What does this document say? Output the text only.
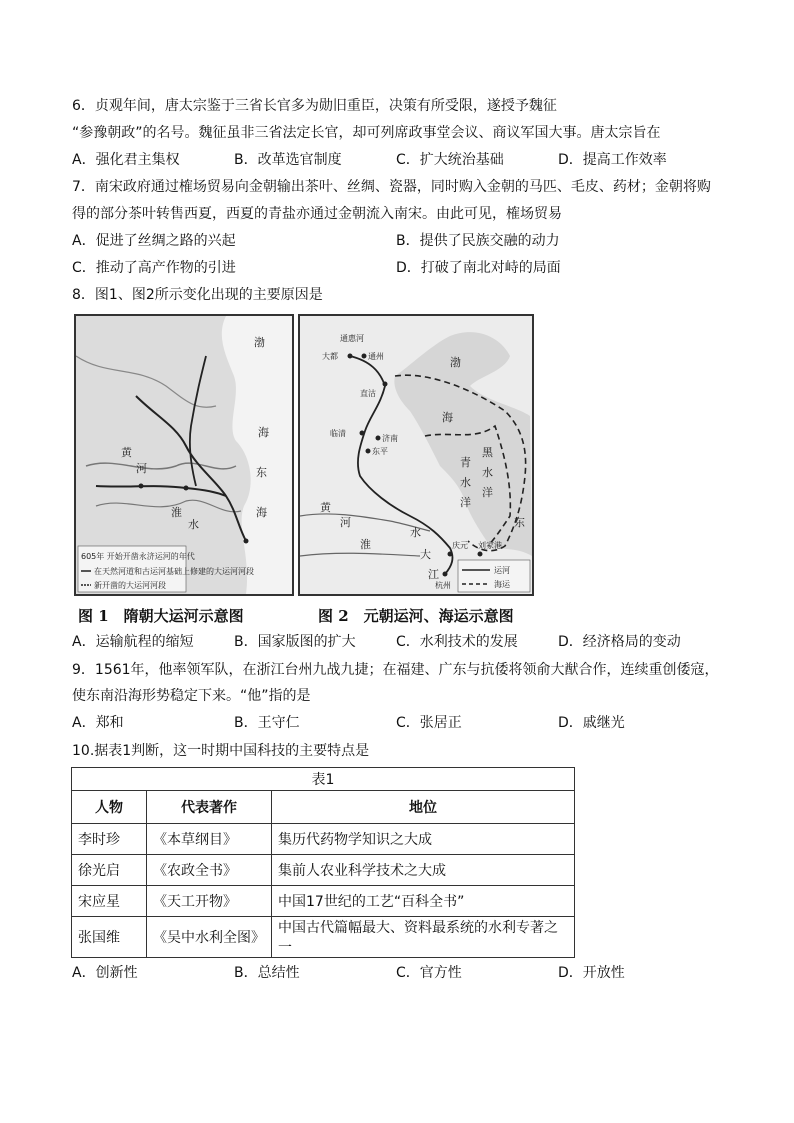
6．贞观年间，唐太宗鉴于三省长官多为勋旧重臣，决策有所受限，遂授予魏征
“参豫朝政”的名号。魏征虽非三省法定长官，却可列席政事堂会议、商议军国大事。唐太宗旨在
A．强化君主集权	B．改革选官制度	C．扩大统治基础	D．提高工作效率
7．南宋政府通过榷场贸易向金朝输出茶叶、丝绸、瓷器，同时购入金朝的马匹、毛皮、药材；金朝将购
得的部分茶叶转售西夏，西夏的青盐亦通过金朝流入南宋。由此可见，榷场贸易
A．促进了丝绸之路的兴起	B．提供了民族交融的动力
C．推动了高产作物的引进	D．打破了南北对峙的局面
8．图1、图2所示变化出现的主要原因是
渤
海
东
海
黄
河
淮
水
605年 开始开凿永济运河的年代
在天然河道和古运河基础上修建的大运河河段
新开凿的大运河河段
通惠河
大都	通州
直沽
临清
济南
东平
渤
海
青
黑
水
水
洋
洋
黄
河
水
淮
大
江
庆元 刘家港
杭州
东
运河
海运
图 1　隋朝大运河示意图	图 2　元朝运河、海运示意图
A．运输航程的缩短	B．国家版图的扩大	C．水利技术的发展	D．经济格局的变动
9．1561年，他率领军队，在浙江台州九战九捷；在福建、广东与抗倭将领俞大猷合作，连续重创倭寇，
使东南沿海形势稳定下来。“他”指的是
A．郑和	B．王守仁	C．张居正	D．戚继光
10.据表1判断，这一时期中国科技的主要特点是
表1		
人物	代表著作	地位
李时珍	《本草纲目》	集历代药物学知识之大成
徐光启	《农政全书》	集前人农业科学技术之大成
宋应星	《天工开物》	中国17世纪的工艺“百科全书”
张国维	《吴中水利全图》	中国古代篇幅最大、资料最系统的水利专著之一
A．创新性	B．总结性	C．官方性	D．开放性
